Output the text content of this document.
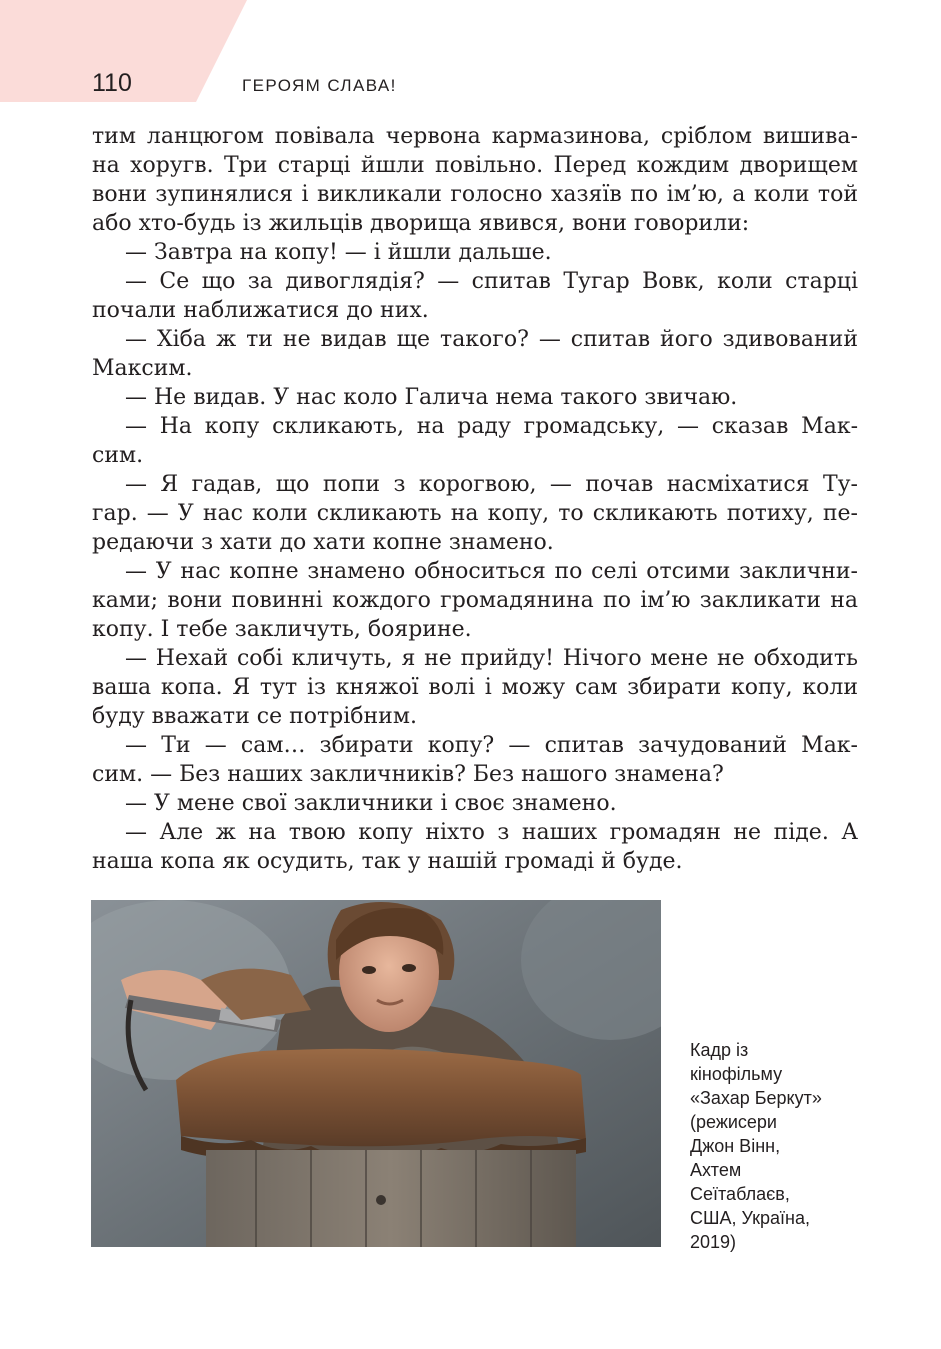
110	ГЕРОЯМ СЛАВА!

тим ланцюгом повівала червона кармазинова, сріблом вишива-
на хоругв. Три старці йшли повільно. Перед кождим дворищем
вони зупинялися і викликали голосно хазяїв по ім’ю, а коли той
або хто-будь із жильців дворища явився, вони говорили:
— Завтра на копу! — і йшли дальше.
— Се що за дивоглядія? — спитав Тугар Вовк, коли старці
почали наближатися до них.
— Хіба ж ти не видав ще такого? — спитав його здивований
Максим.
— Не видав. У нас коло Галича нема такого звичаю.
— На копу скликають, на раду громадську, — сказав Мак-
сим.
— Я гадав, що попи з корогвою, — почав насміхатися Ту-
гар. — У нас коли скликають на копу, то скликають потиху, пе-
редаючи з хати до хати копне знамено.
— У нас копне знамено обноситься по селі отсими заклични-
ками; вони повинні кождого громадянина по ім’ю закликати на
копу. І тебе закличуть, боярине.
— Нехай собі кличуть, я не прийду! Нічого мене не обходить
ваша копа. Я тут із княжої волі і можу сам збирати копу, коли
буду вважати се потрібним.
— Ти — сам… збирати копу? — спитав зачудований Мак-
сим. — Без наших закличників? Без нашого знамена?
— У мене свої закличники і своє знамено.
— Але ж на твою копу ніхто з наших громадян не піде. А
наша копа як осудить, так у нашій громаді й буде.
Кадр із
кінофільму
«Захар Беркут»
(режисери
Джон Вінн,
Ахтем
Сеїтаблаєв,
США, Україна,
2019)
